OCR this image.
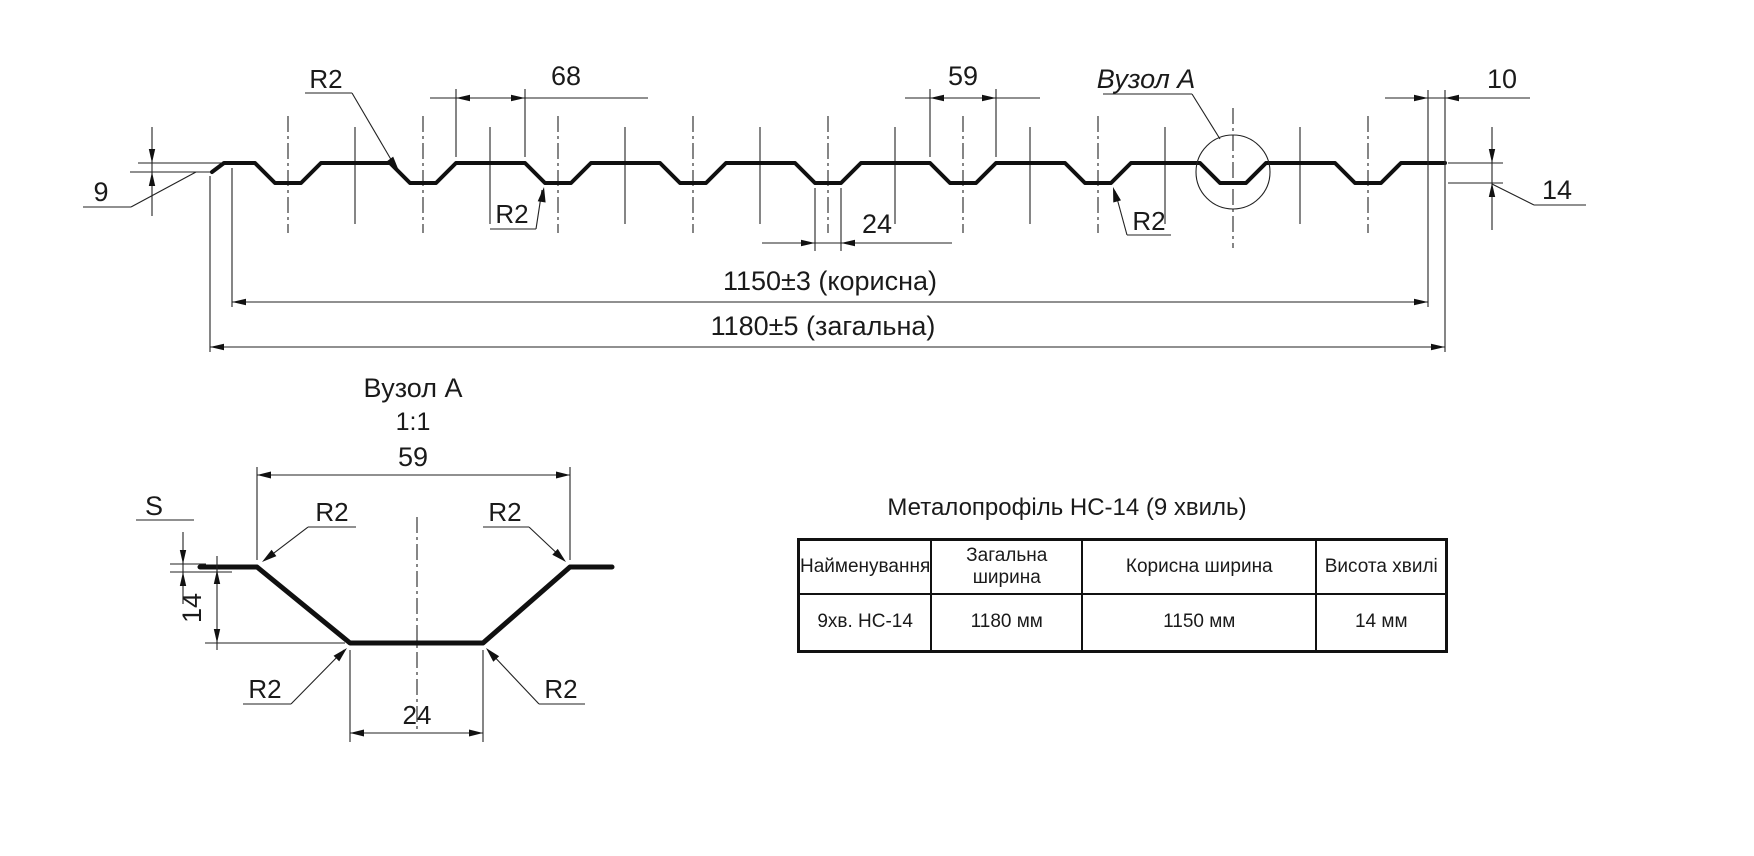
Вузол А
9
68	59
24
10
14
R2
R2	R2
1150±3 (корисна)
1180±5 (загальна)
Вузол А
1:1
59
S
14
24
R2	R2
R2	R2
Металопрофіль НС-14 (9 хвиль)
Найменування	Загальна ширина	Корисна ширина	Висота хвилі
9хв. НС-14	1180 мм	1150 мм	14 мм
